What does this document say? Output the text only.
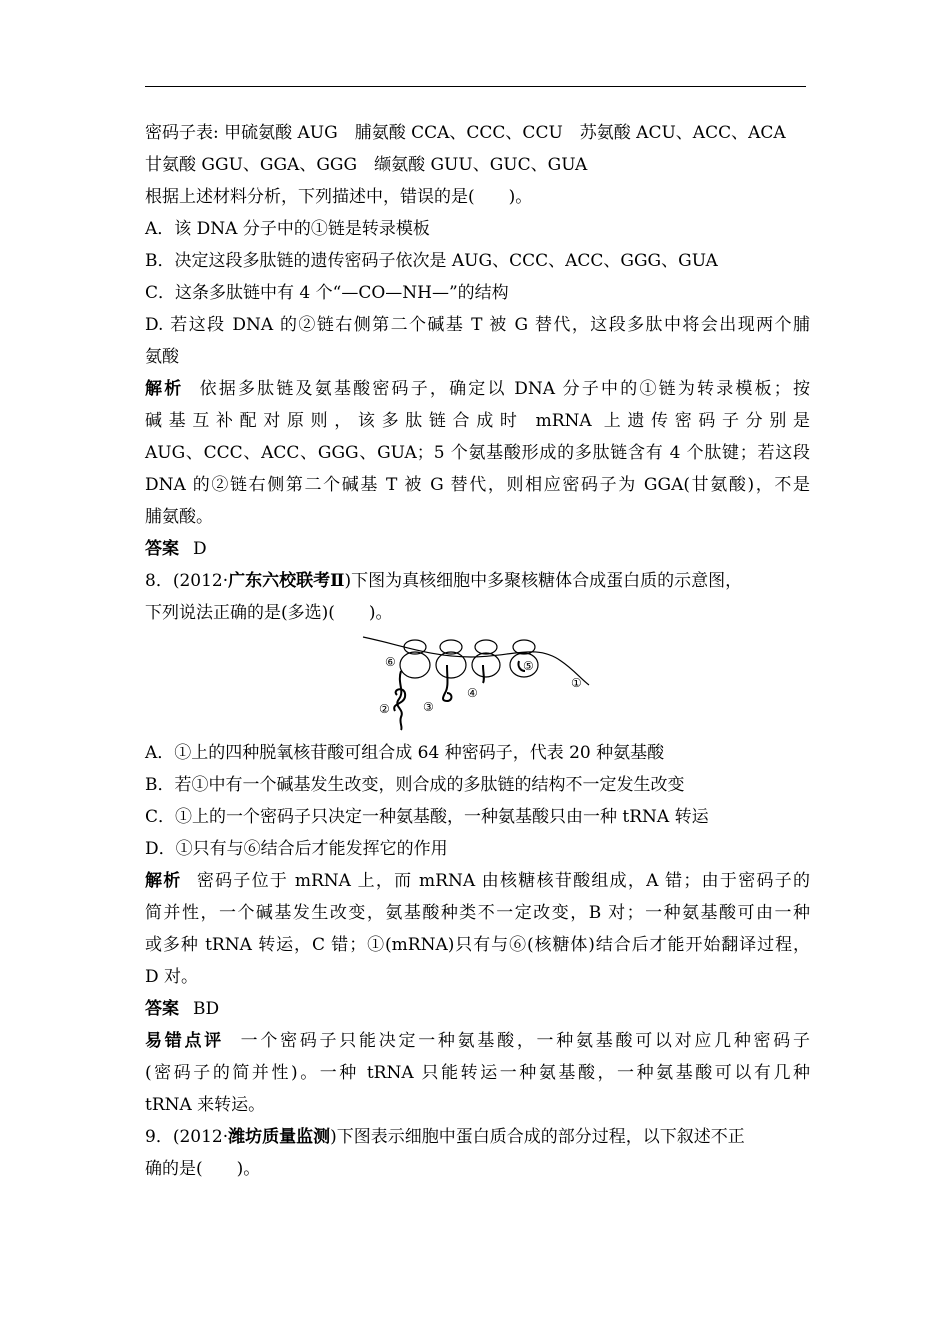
密码子表: 甲硫氨酸 AUG　脯氨酸 CCA、CCC、CCU　苏氨酸 ACU、ACC、ACA
甘氨酸 GGU、GGA、GGG　缬氨酸 GUU、GUC、GUA
根据上述材料分析，下列描述中，错误的是(　　)。
A．该 DNA 分子中的①链是转录模板
B．决定这段多肽链的遗传密码子依次是 AUG、CCC、ACC、GGG、GUA
C．这条多肽链中有 4 个“—CO—NH—”的结构
D. 若这段 DNA 的②链右侧第二个碱基 T 被 G 替代，这段多肽中将会出现两个脯
氨酸
解析 依据多肽链及氨基酸密码子，确定以 DNA 分子中的①链为转录模板；按
碱基互补配对原则，该多肽链合成时 mRNA 上遗传密码子分别是
AUG、CCC、ACC、GGG、GUA；5 个氨基酸形成的多肽链含有 4 个肽键；若这段
DNA 的②链右侧第二个碱基 T 被 G 替代，则相应密码子为 GGA(甘氨酸)，不是
脯氨酸。
答案 D
8．(2012·广东六校联考Ⅱ)下图为真核细胞中多聚核糖体合成蛋白质的示意图，
下列说法正确的是(多选)(　　)。
⑥
②	③
④
⑤
①
A．①上的四种脱氧核苷酸可组合成 64 种密码子，代表 20 种氨基酸
B．若①中有一个碱基发生改变，则合成的多肽链的结构不一定发生改变
C．①上的一个密码子只决定一种氨基酸，一种氨基酸只由一种 tRNA 转运
D．①只有与⑥结合后才能发挥它的作用
解析 密码子位于 mRNA 上，而 mRNA 由核糖核苷酸组成，A 错；由于密码子的
简并性，一个碱基发生改变，氨基酸种类不一定改变，B 对；一种氨基酸可由一种
或多种 tRNA 转运，C 错；①(mRNA)只有与⑥(核糖体)结合后才能开始翻译过程，
D 对。
答案 BD
易错点评 一个密码子只能决定一种氨基酸，一种氨基酸可以对应几种密码子
(密码子的简并性)。一种 tRNA 只能转运一种氨基酸，一种氨基酸可以有几种
tRNA 来转运。
9．(2012·潍坊质量监测)下图表示细胞中蛋白质合成的部分过程，以下叙述不正
确的是(　　)。
